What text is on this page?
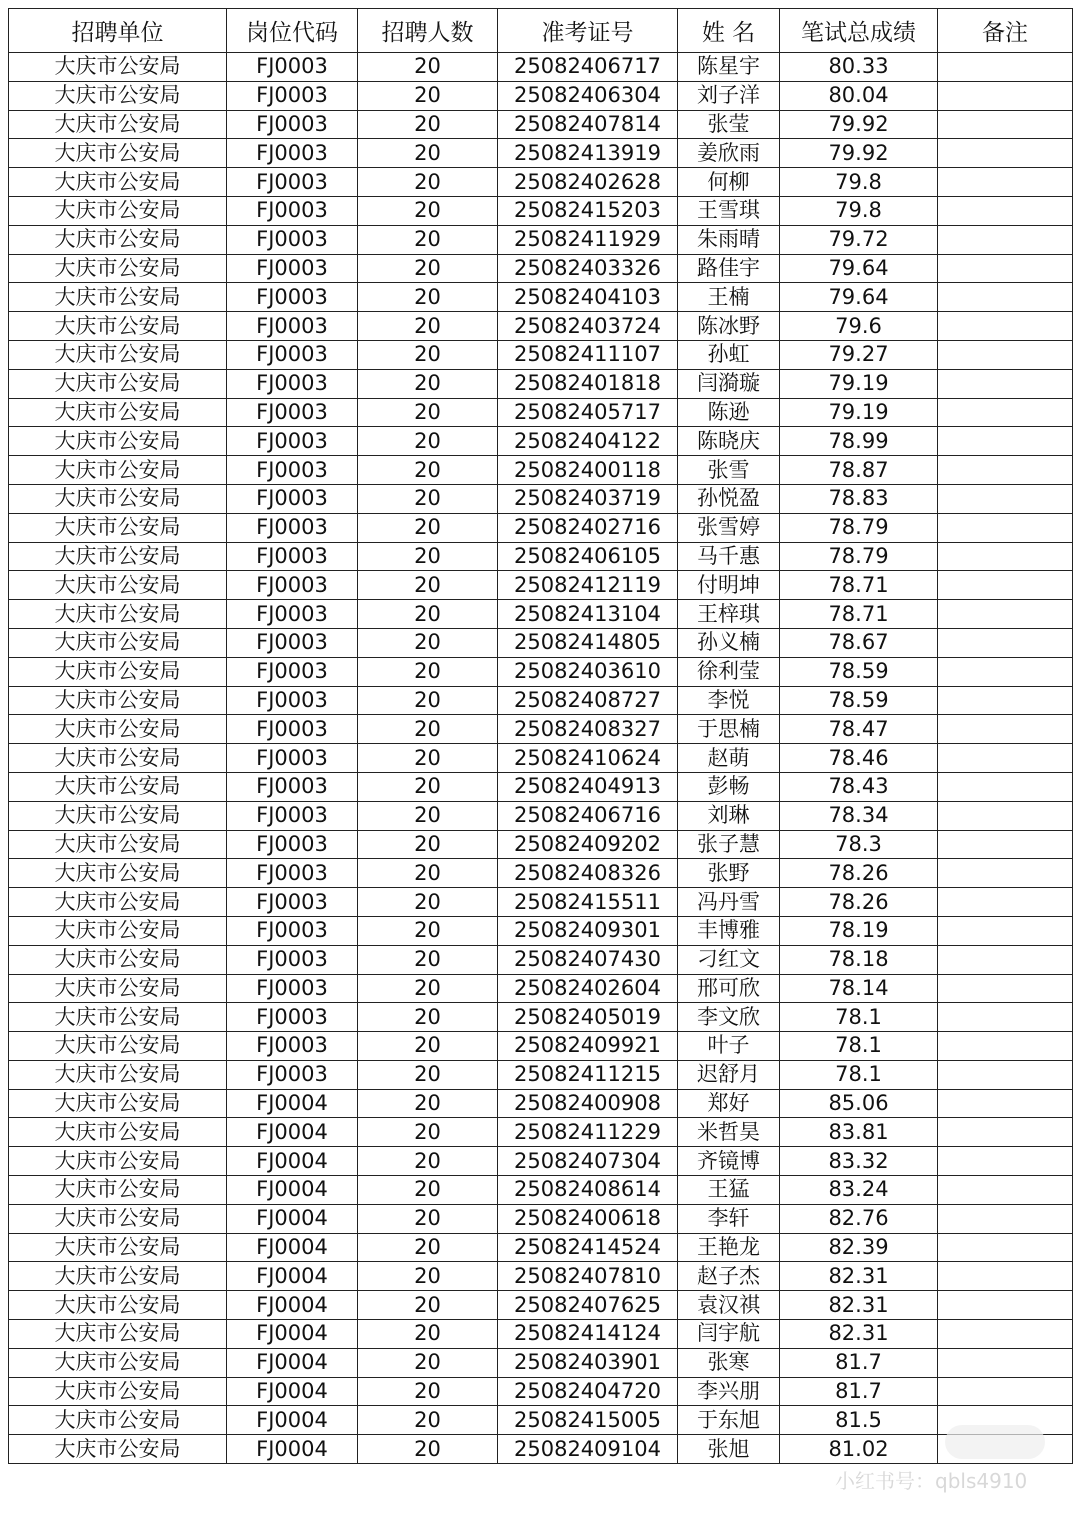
招聘单位	岗位代码	招聘人数	准考证号	姓 名	笔试总成绩	备注
大庆市公安局	FJ0003	20	25082406717	陈星宇	80.33	
大庆市公安局	FJ0003	20	25082406304	刘子洋	80.04	
大庆市公安局	FJ0003	20	25082407814	张莹	79.92	
大庆市公安局	FJ0003	20	25082413919	姜欣雨	79.92	
大庆市公安局	FJ0003	20	25082402628	何柳	79.8	
大庆市公安局	FJ0003	20	25082415203	王雪琪	79.8	
大庆市公安局	FJ0003	20	25082411929	朱雨晴	79.72	
大庆市公安局	FJ0003	20	25082403326	路佳宇	79.64	
大庆市公安局	FJ0003	20	25082404103	王楠	79.64	
大庆市公安局	FJ0003	20	25082403724	陈冰野	79.6	
大庆市公安局	FJ0003	20	25082411107	孙虹	79.27	
大庆市公安局	FJ0003	20	25082401818	闫漪璇	79.19	
大庆市公安局	FJ0003	20	25082405717	陈逊	79.19	
大庆市公安局	FJ0003	20	25082404122	陈晓庆	78.99	
大庆市公安局	FJ0003	20	25082400118	张雪	78.87	
大庆市公安局	FJ0003	20	25082403719	孙悦盈	78.83	
大庆市公安局	FJ0003	20	25082402716	张雪婷	78.79	
大庆市公安局	FJ0003	20	25082406105	马千惠	78.79	
大庆市公安局	FJ0003	20	25082412119	付明坤	78.71	
大庆市公安局	FJ0003	20	25082413104	王梓琪	78.71	
大庆市公安局	FJ0003	20	25082414805	孙义楠	78.67	
大庆市公安局	FJ0003	20	25082403610	徐利莹	78.59	
大庆市公安局	FJ0003	20	25082408727	李悦	78.59	
大庆市公安局	FJ0003	20	25082408327	于思楠	78.47	
大庆市公安局	FJ0003	20	25082410624	赵萌	78.46	
大庆市公安局	FJ0003	20	25082404913	彭畅	78.43	
大庆市公安局	FJ0003	20	25082406716	刘琳	78.34	
大庆市公安局	FJ0003	20	25082409202	张子慧	78.3	
大庆市公安局	FJ0003	20	25082408326	张野	78.26	
大庆市公安局	FJ0003	20	25082415511	冯丹雪	78.26	
大庆市公安局	FJ0003	20	25082409301	丰博雅	78.19	
大庆市公安局	FJ0003	20	25082407430	刁红文	78.18	
大庆市公安局	FJ0003	20	25082402604	邢可欣	78.14	
大庆市公安局	FJ0003	20	25082405019	李文欣	78.1	
大庆市公安局	FJ0003	20	25082409921	叶子	78.1	
大庆市公安局	FJ0003	20	25082411215	迟舒月	78.1	
大庆市公安局	FJ0004	20	25082400908	郑好	85.06	
大庆市公安局	FJ0004	20	25082411229	米哲昊	83.81	
大庆市公安局	FJ0004	20	25082407304	齐镜博	83.32	
大庆市公安局	FJ0004	20	25082408614	王猛	83.24	
大庆市公安局	FJ0004	20	25082400618	李轩	82.76	
大庆市公安局	FJ0004	20	25082414524	王艳龙	82.39	
大庆市公安局	FJ0004	20	25082407810	赵子杰	82.31	
大庆市公安局	FJ0004	20	25082407625	袁汉祺	82.31	
大庆市公安局	FJ0004	20	25082414124	闫宇航	82.31	
大庆市公安局	FJ0004	20	25082403901	张寒	81.7	
大庆市公安局	FJ0004	20	25082404720	李兴朋	81.7	
大庆市公安局	FJ0004	20	25082415005	于东旭	81.5	
大庆市公安局	FJ0004	20	25082409104	张旭	81.02	
小红书号：qbls4910
